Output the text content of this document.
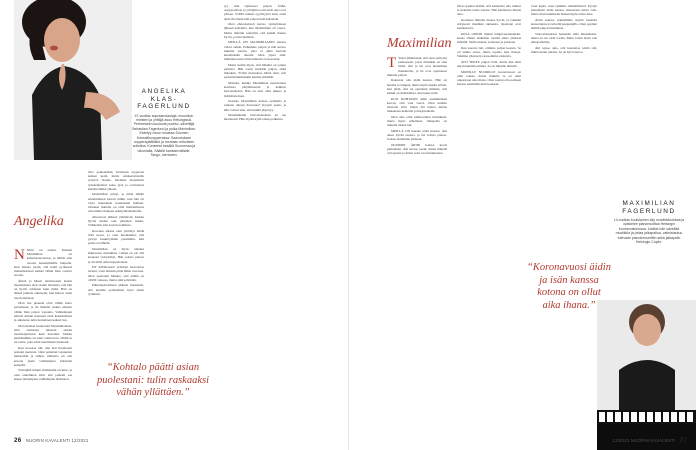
ANGELIKA
KLAS-FAGERLUND
47-vuotias sopraanolaulaja, muusikon meisteri ja yrittäjä asuu Helsingissä. Perheeseen kuuluvat puoliso, säveltäjä Sebastian Fagerlund ja poika Maximilian, Esiintyy muun muassa Suomen Kansallisoopperassa. Saavutuksen oopperapäällikkö ja moniaan erikoisten solistina. Konsertoi kesällä Suomessa ja ulkomaila. Säätiöt kansainvälisille. Tango- kiertueen.
Angelika
N Nimi on ennen. Poikani Maximilian on kaksitoistavuotias, ja tähtää aina vuoren kerkeimmälle huipulle. Kun haluaa jotain, sitä kohti pyrkiessä maksimoidaan kaikki vähän liian vaativa tavoite.

Äitinä ja hänen teinivuosien kautta menemisenä olen saanut huomata, että hän on hyvin erilainen kuin minä. Hän on tärkeä puhetta aikuiselle, kun haluaa asian itse hoitamaan.

Olen itse pienenä ollut vähän kiero pelaamaan, ja oli minulle joskus annettu vähän liian paljon vapautta. Vanhempani tekivät minun kanssani töitä kokeilematta ja aikuisena tulin hoitamaan kaiken itse.

Olen hieman huolissani Maximilianista, sillä tunnistan hänessä saman luonteenpiirteen kuin itsessäni. Vaikka kunnianhimo on suuri voimavara, välillä se on rasite, joka estää nauttimasta hetkestä.

Kun koronaa tuli, olin heti huolissani poikani puolesta. Olen palannut lapsuuden muistoihin ja siihen, millaista oli olla kotona yksin vanhempien kiireiden keskellä.

Yrittäjänä minun elämässäni on kiire, ja olen onnellinen siitä, että poikani saa kokea molempien vanhempien läsnäolon.

lista peukaloihin. Kotikaan loppuvan kaiken keitä, mutta ensikertalaisille syntyvä tilanne. Olemme molemmat työskennelleet koko ajan ja sovittaneet kalenterimme yhteen.

Maximilian syntyi, ja minä lähdin ensimmäisen kerran töihin, kun hän oli vasta muutaman kuukauden ikäinen. Onneksi minulla on ollut mahdollisuus ottaa hänet mukaan esiintymismatkoille.

Alkuvuosi jälkeen ymmärsin, kuinka hyvää meille teki yhteinen matka. Vähitellen arki asettui uomiinsa.

Koronan aikana olen yrittänyt tehdä töitä kotoa, ja olen huomannut, että pystyn keskittymään paremmin, kun perhe on lähellä.

Maximilian on myös alkanut kiinnostua musiikista, vaikka en ole sitä koskaan tyrkyttänyt. Hän soittaa pianoa ja säveltää omia kappaleitaan.

EN KOSKAAN yrittänyt haavoittaa lastani, vaan halusin pitää hänet turvassa. Olen opettanut hänelle, että elämä on välillä vaikeaa, mutta siitä selvitään.

Pikkulapsivaiheen jälkeen huomasin, että meidän perheemme löysi oman rytminsä.

“Kohtalo päätti asian puolestani: tulin raskaaksi vähän yllättäen.”

tyy siitä sijaitseeet paljon. Äidin, oopperadivan ja yrittäjän roolit eivät aina sovi yhteen. Välillä tunnen syyllisyyttä siitä, etten ehdi olla läsnä niin paljon kuin haluaisin.

Olen ehdottomasti kertaa synnyttäneen jälkeen kohdalla, kun Maximilian oli vauva. Mutta minulle sanottiin, että kaikki menee hyvin, ja niin menikin.

MEILLÄ ON MAXIMILIANIN kanssa vahva suhde. Puhumme paljon ja hän kertoo minulle asioita, joita ei ehkä kertoisi kenellekään muulle. Olen ylpeä siitä, millainen nuori mies hänestä on kasvanut.

Mutta tiedän myös, että hänellä on paljon paineita. Hän vaatii itseltään paljon, ehkä liikaakin. Yritän muistuttaa häntä siitä, että epäonnistuminenkin kuuluu elämään.

Muistan, kuinka Maximilian nauttivaissa koulussa pärjäämisestä ja kaikista harrastuksista. Hän on aina ollut ahkera ja määrätietoinen.

Osaatko Maximilian kanssa opiskella ja samaan aikaan harrastaa? Kysyin usein, ja hän vastasi aina, että kaikki järjestyy.

Maximilianin tulevaisuudesta en ole huolissani. Hän löytää kyllä oman polkunsa.

26 NUORIN KAVALENTI 12/2021
Maximilian
T Tunsi jännittävää, että olen syntynyt perheeseen, jossa musiikki on aina läsnä. Äiti ja isä ovat molemmat muusikoita, ja he ovat opettaneet minulle paljon.

Rakastan olla äidin kanssa. Hän on hauska ja lempeä, mutta myös tiukka silloin, kun pitää. Äiti on opettanut minulle, että kaikki on mahdollista, kun tekee töitä.

KUN KOHTASIN äidin ensimmäisen kerran, olin vain vauva. Olen kuullut tarinoita siitä, miten äiti kantoi minua mukanaan keikoille ja harjoituksiin.

Olen aina ollut kiinnostunut musiikista, mutta myös urheilusta. Jalkapallo on minulle tärkeä laji.

MEILLÄ ON hauska pitää kotona. Äiti tekee hyvää ruokaa, ja isä soittaa pianoa. Joskus laulamme yhdessä.

OLEMME ÄIDIN kanssa kovia puhumaan. Äiti kertoo usein, miten hänellä oli lapsena ja miten asiat ovat muuttuneet.

Olen oppinut äidiltä, että kannattaa olla rohkea ja kokeilla uusia asioita. Hän kannustaa minua aina.

Koulussa minulla menee hyvin, ja tykkään erityisesti musiikin tunneista. Opettajat ovat kannustavia.

KESÄ ONKIN minun lempivuodenaikani, koska silloin ehdimme viettää aikaa yhdessä mökillä. Siellä uidaan, soitetaan ja pelataan.

Kun korona tuli, olimme paljon kotona. Se oli aluksi outoa, mutta lopulta aika ihanaa. Söimme yhdessä ja katsoimme elokuvia.

ÄITI TEKEE paljon töitä, mutta hän ehtii aina kuunnella minua. Se on minulle tärkeää.

MONILLE NUORILLE koronavuosi on ollut raskas, mutta minulle se on ollut oikeastaan aika ihana. Olen saanut olla perheen kanssa enemmän kuin koskaan.

vaan lepää, vaan ryhmme säännöllisesti. Pystyn puhumaan äidin kanssa oikeastaan mistä vain, mutta murrosikäisenä haluan myös omaa tilaa.

Äidin kanssa tykkäämme käydä kesäisin konserteissa ja kävellä kaupungilla. Olen oppinut äidiltä paljon musiikista.

Tulevaisuudessa haluaisin tulla muusikoksi, mutta en ole vielä varma. Ehkä voisin myös olla jalkapalloilija.

Äiti sanoo aina, että kannattaa tehdä sitä, mikä tuntuu omalta. Se on hyvä neuvo.

“Koronavuosi äidin ja isän kanssa kotona on ollut aika ihana.”
MAXIMILIAN
FAGERLUND
14-vuotias koululainen käy musiikkiluokkaa ja opiskelee pianonsoittoa Helsingin Konservatoriossa. Lisäksi hän säveltää musiikkia ja pelaa jalkapalloa, valmistautuu tulevaan pianokonserttiin sekä jalkapallo Helsingin Cupiin.
12/2021 NUORIN KAVALENTI 27
